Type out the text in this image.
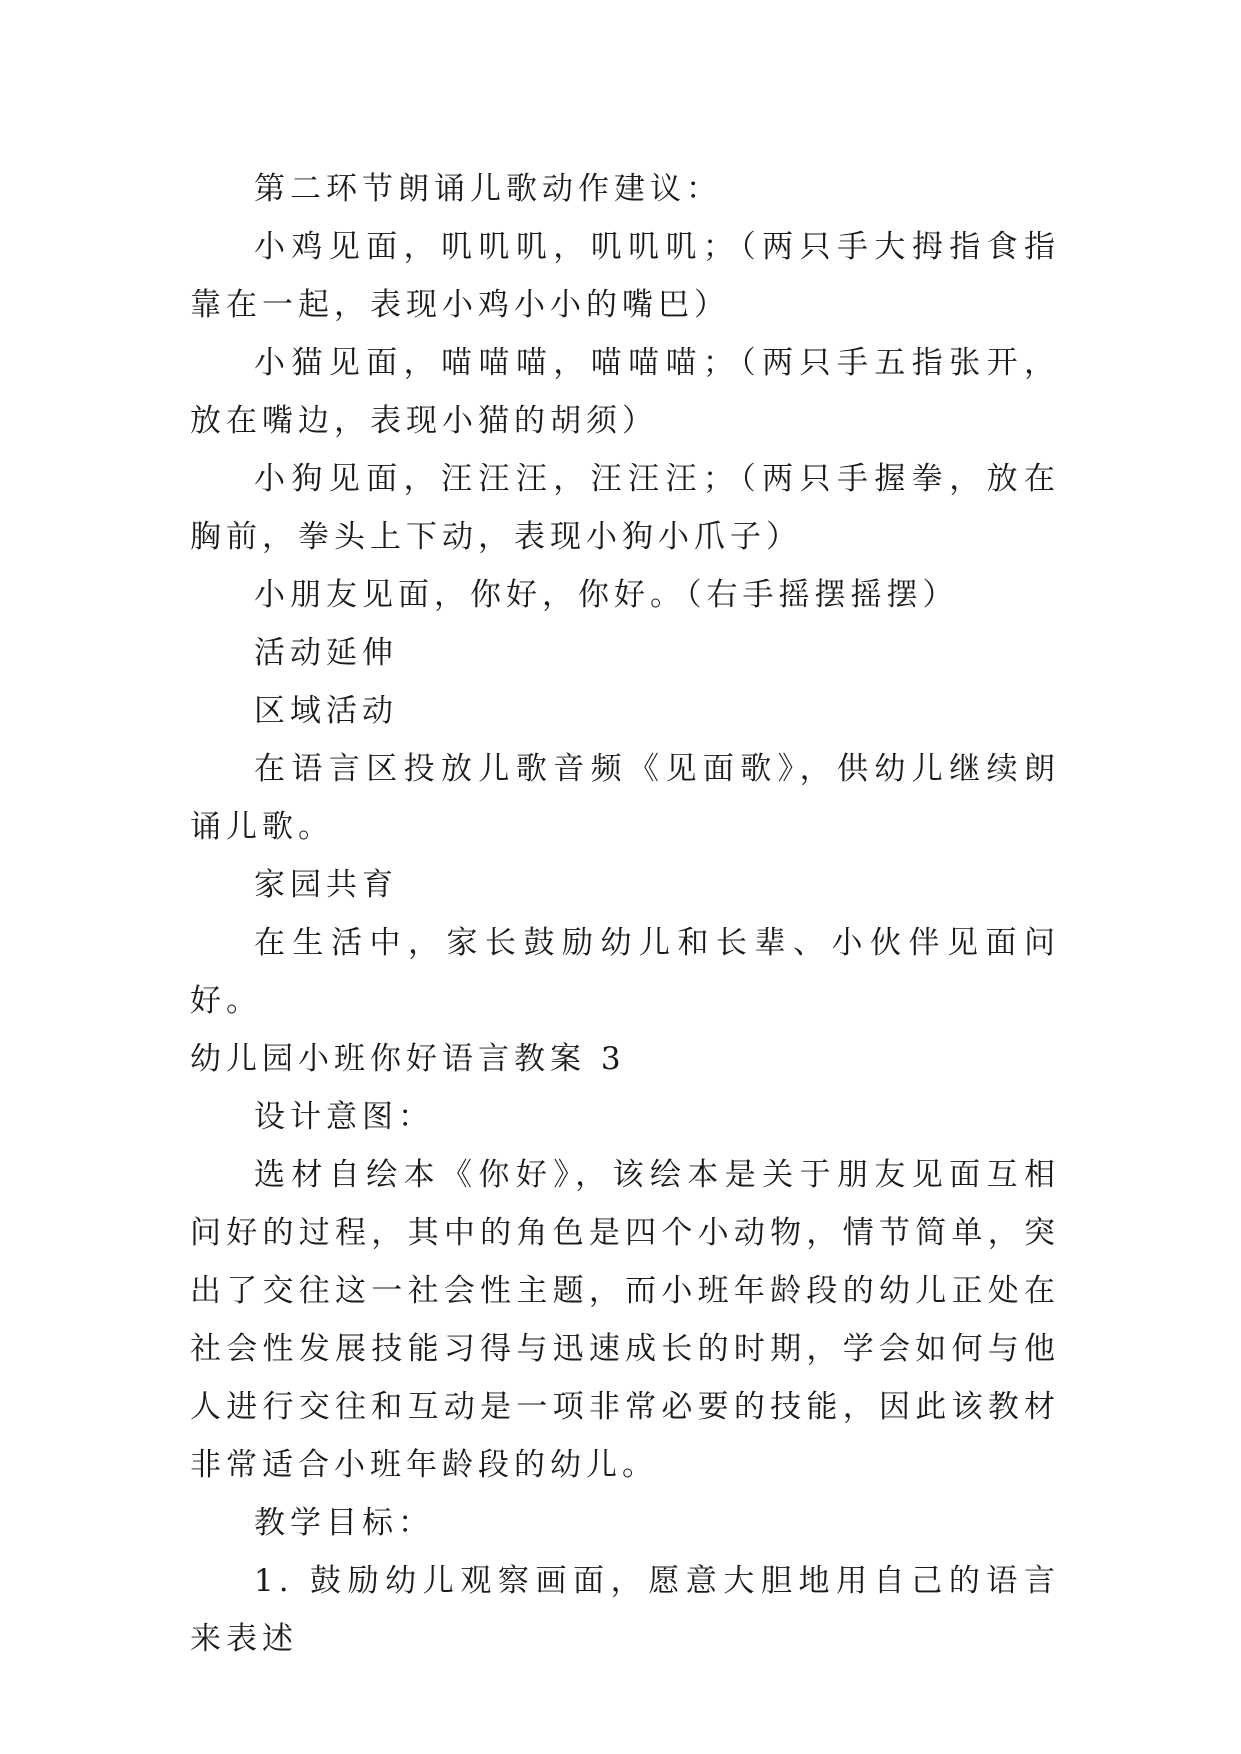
第二环节朗诵儿歌动作建议：

小鸡见面，叽叽叽，叽叽叽；（两只手大拇指食指靠在一起，表现小鸡小小的嘴巴）

小猫见面，喵喵喵，喵喵喵；（两只手五指张开，放在嘴边，表现小猫的胡须）

小狗见面，汪汪汪，汪汪汪；（两只手握拳，放在胸前，拳头上下动，表现小狗小爪子）

小朋友见面，你好，你好。（右手摇摆摇摆）

活动延伸

区域活动

在语言区投放儿歌音频《见面歌》，供幼儿继续朗诵儿歌。

家园共育

在生活中，家长鼓励幼儿和长辈、小伙伴见面问好。

幼儿园小班你好语言教案 3

设计意图：

选材自绘本《你好》，该绘本是关于朋友见面互相问好的过程，其中的角色是四个小动物，情节简单，突出了交往这一社会性主题，而小班年龄段的幼儿正处在社会性发展技能习得与迅速成长的时期，学会如何与他人进行交往和互动是一项非常必要的技能，因此该教材非常适合小班年龄段的幼儿。

教学目标：

1. 鼓励幼儿观察画面，愿意大胆地用自己的语言来表述
